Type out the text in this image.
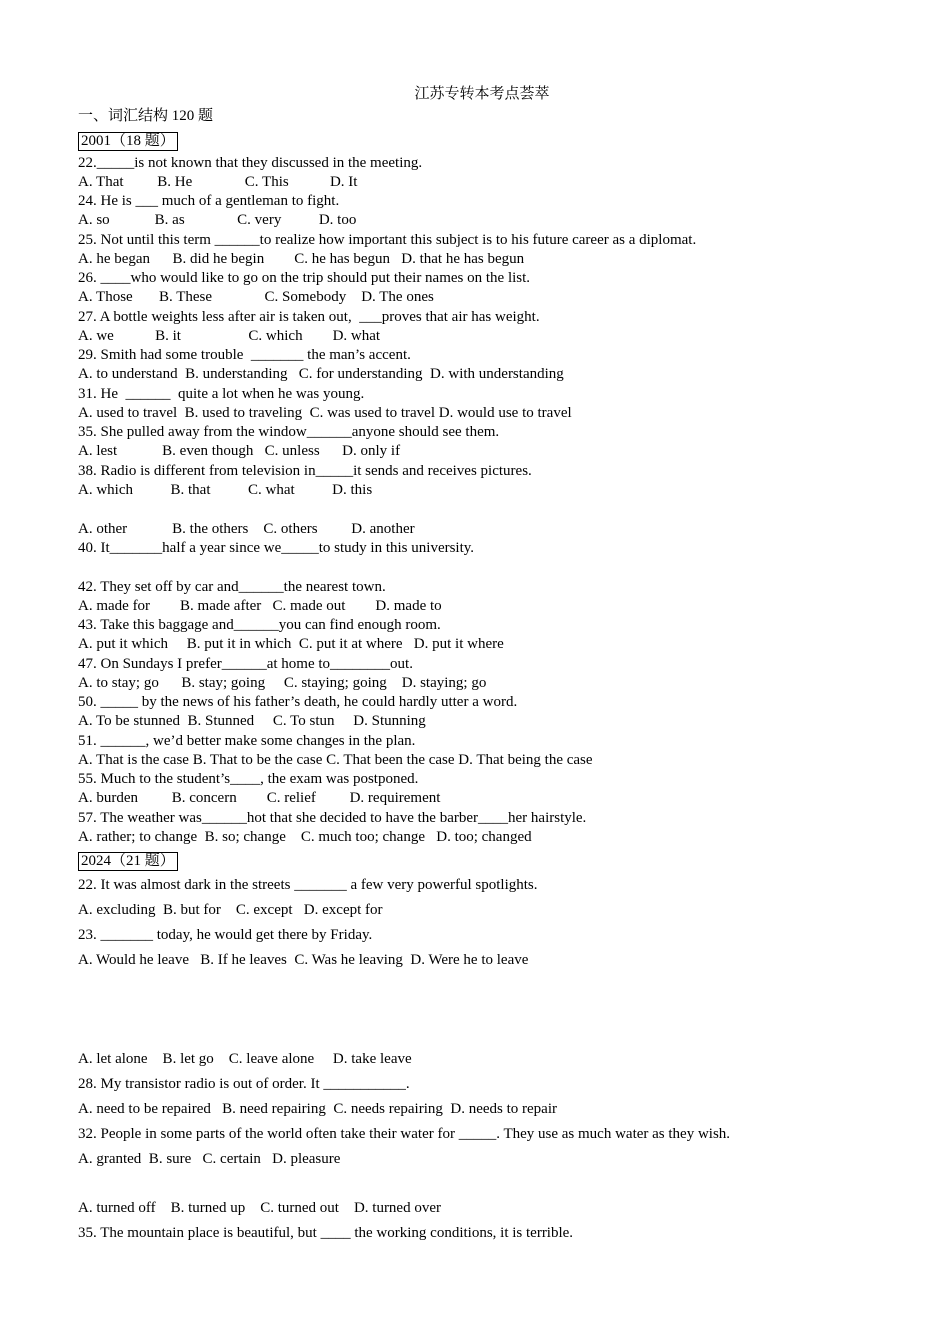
江苏专转本考点荟萃
一、词汇结构 120 题
2001（18 题）
22._____is not known that they discussed in the meeting.
A. That         B. He              C. This           D. It
24. He is ___ much of a gentleman to fight.
A. so            B. as              C. very          D. too
25. Not until this term ______to realize how important this subject is to his future career as a diplomat.
A. he began      B. did he begin        C. he has begun   D. that he has begun
26. ____who would like to go on the trip should put their names on the list.
A. Those       B. These              C. Somebody    D. The ones
27. A bottle weights less after air is taken out,  ___proves that air has weight.
A. we           B. it                  C. which        D. what
29. Smith had some trouble  _______ the man’s accent.
A. to understand  B. understanding   C. for understanding  D. with understanding
31. He  ______  quite a lot when he was young.
A. used to travel  B. used to traveling  C. was used to travel D. would use to travel
35. She pulled away from the window______anyone should see them.
A. lest            B. even though   C. unless      D. only if
38. Radio is different from television in_____it sends and receives pictures.
A. which          B. that          C. what          D. this
A. other            B. the others    C. others         D. another
40. It_______half a year since we_____to study in this university.
42. They set off by car and______the nearest town.
A. made for        B. made after   C. made out        D. made to
43. Take this baggage and______you can find enough room.
A. put it which     B. put it in which  C. put it at where   D. put it where
47. On Sundays I prefer______at home to________out.
A. to stay; go      B. stay; going     C. staying; going    D. staying; go
50. _____ by the news of his father’s death, he could hardly utter a word.
A. To be stunned  B. Stunned     C. To stun     D. Stunning
51. ______, we’d better make some changes in the plan.
A. That is the case B. That to be the case C. That been the case D. That being the case
55. Much to the student’s____, the exam was postponed.
A. burden         B. concern        C. relief         D. requirement
57. The weather was______hot that she decided to have the barber____her hairstyle.
A. rather; to change  B. so; change    C. much too; change   D. too; changed
2024（21 题）
22. It was almost dark in the streets _______ a few very powerful spotlights.
A. excluding  B. but for    C. except   D. except for
23. _______ today, he would get there by Friday.
A. Would he leave   B. If he leaves  C. Was he leaving  D. Were he to leave
A. let alone    B. let go    C. leave alone     D. take leave
28. My transistor radio is out of order. It ___________.
A. need to be repaired   B. need repairing  C. needs repairing  D. needs to repair
32. People in some parts of the world often take their water for _____. They use as much water as they wish.
A. granted  B. sure   C. certain   D. pleasure
A. turned off    B. turned up    C. turned out    D. turned over
35. The mountain place is beautiful, but ____ the working conditions, it is terrible.
